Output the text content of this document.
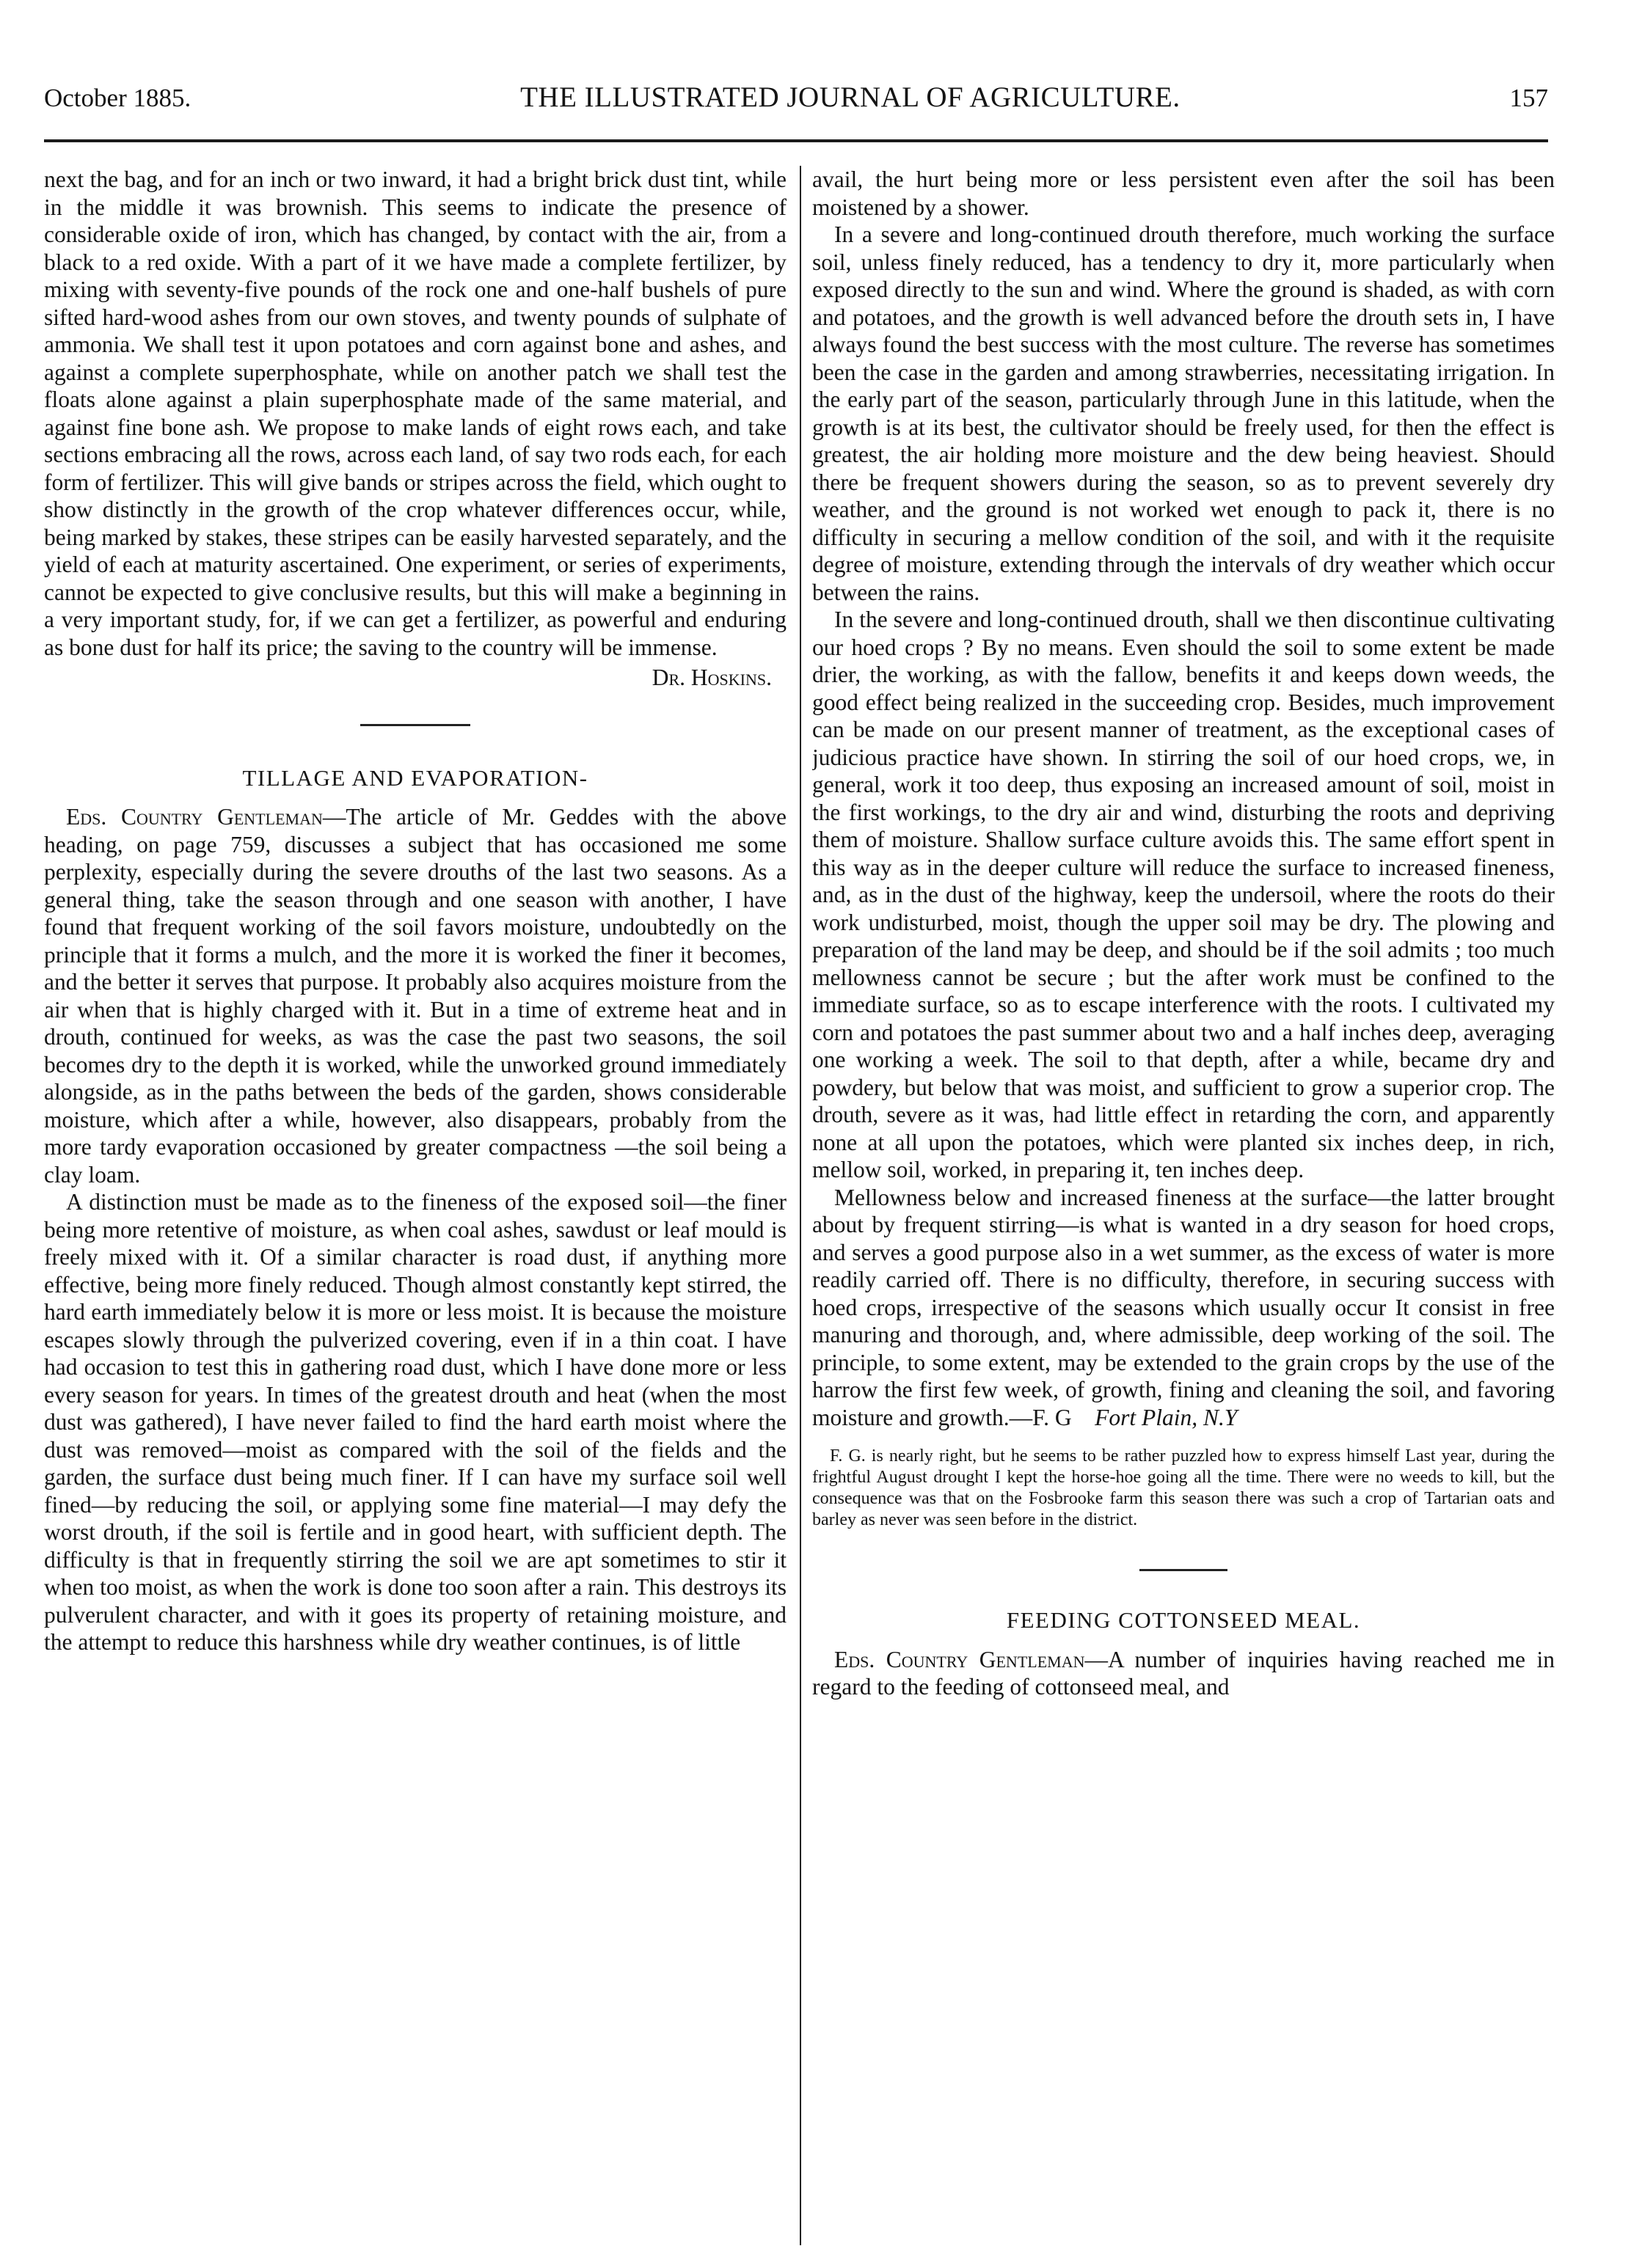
October 1885.	THE ILLUSTRATED JOURNAL OF AGRICULTURE.	157

next the bag, and for an inch or two inward, it had a bright brick dust tint, while in the middle it was brownish. This seems to indicate the presence of considerable oxide of iron, which has changed, by contact with the air, from a black to a red oxide. With a part of it we have made a complete fertilizer, by mixing with seventy-five pounds of the rock one and one-half bushels of pure sifted hard-wood ashes from our own stoves, and twenty pounds of sulphate of ammonia. We shall test it upon potatoes and corn against bone and ashes, and against a complete superphosphate, while on another patch we shall test the floats alone against a plain superphosphate made of the same material, and against fine bone ash. We propose to make lands of eight rows each, and take sections embracing all the rows, across each land, of say two rods each, for each form of fertilizer. This will give bands or stripes across the field, which ought to show distinctly in the growth of the crop whatever differences occur, while, being marked by stakes, these stripes can be easily harvested separately, and the yield of each at maturity ascertained. One experiment, or series of experiments, cannot be expected to give conclusive results, but this will make a beginning in a very important study, for, if we can get a fertilizer, as powerful and enduring as bone dust for half its price; the saving to the country will be immense.

Dr. Hoskins.

TILLAGE AND EVAPORATION-

Eds. Country Gentleman—The article of Mr. Geddes with the above heading, on page 759, discusses a subject that has occasioned me some perplexity, especially during the severe drouths of the last two seasons. As a general thing, take the season through and one season with another, I have found that frequent working of the soil favors moisture, undoubtedly on the principle that it forms a mulch, and the more it is worked the finer it becomes, and the better it serves that purpose. It probably also acquires moisture from the air when that is highly charged with it. But in a time of extreme heat and in drouth, continued for weeks, as was the case the past two seasons, the soil becomes dry to the depth it is worked, while the unworked ground immediately alongside, as in the paths between the beds of the garden, shows considerable moisture, which after a while, however, also disappears, probably from the more tardy evaporation occasioned by greater compactness —the soil being a clay loam.

A distinction must be made as to the fineness of the exposed soil—the finer being more retentive of moisture, as when coal ashes, sawdust or leaf mould is freely mixed with it. Of a similar character is road dust, if anything more effective, being more finely reduced. Though almost constantly kept stirred, the hard earth immediately below it is more or less moist. It is because the moisture escapes slowly through the pulverized covering, even if in a thin coat. I have had occasion to test this in gathering road dust, which I have done more or less every season for years. In times of the greatest drouth and heat (when the most dust was gathered), I have never failed to find the hard earth moist where the dust was removed—moist as compared with the soil of the fields and the garden, the surface dust being much finer. If I can have my surface soil well fined—by reducing the soil, or applying some fine material—I may defy the worst drouth, if the soil is fertile and in good heart, with sufficient depth. The difficulty is that in frequently stirring the soil we are apt sometimes to stir it when too moist, as when the work is done too soon after a rain. This destroys its pulverulent character, and with it goes its property of retaining moisture, and the attempt to reduce this harshness while dry weather continues, is of little

avail, the hurt being more or less persistent even after the soil has been moistened by a shower.

In a severe and long-continued drouth therefore, much working the surface soil, unless finely reduced, has a tendency to dry it, more particularly when exposed directly to the sun and wind. Where the ground is shaded, as with corn and potatoes, and the growth is well advanced before the drouth sets in, I have always found the best success with the most culture. The reverse has sometimes been the case in the garden and among strawberries, necessitating irrigation. In the early part of the season, particularly through June in this latitude, when the growth is at its best, the cultivator should be freely used, for then the effect is greatest, the air holding more moisture and the dew being heaviest. Should there be frequent showers during the season, so as to prevent severely dry weather, and the ground is not worked wet enough to pack it, there is no difficulty in securing a mellow condition of the soil, and with it the requisite degree of moisture, extending through the intervals of dry weather which occur between the rains.

In the severe and long-continued drouth, shall we then discontinue cultivating our hoed crops ? By no means. Even should the soil to some extent be made drier, the working, as with the fallow, benefits it and keeps down weeds, the good effect being realized in the succeeding crop. Besides, much improvement can be made on our present manner of treatment, as the exceptional cases of judicious practice have shown. In stirring the soil of our hoed crops, we, in general, work it too deep, thus exposing an increased amount of soil, moist in the first workings, to the dry air and wind, disturbing the roots and depriving them of moisture. Shallow surface culture avoids this. The same effort spent in this way as in the deeper culture will reduce the surface to increased fineness, and, as in the dust of the highway, keep the undersoil, where the roots do their work undisturbed, moist, though the upper soil may be dry. The plowing and preparation of the land may be deep, and should be if the soil admits ; too much mellowness cannot be secure ; but the after work must be confined to the immediate surface, so as to escape interference with the roots. I cultivated my corn and potatoes the past summer about two and a half inches deep, averaging one working a week. The soil to that depth, after a while, became dry and powdery, but below that was moist, and sufficient to grow a superior crop. The drouth, severe as it was, had little effect in retarding the corn, and apparently none at all upon the potatoes, which were planted six inches deep, in rich, mellow soil, worked, in preparing it, ten inches deep.

Mellowness below and increased fineness at the surface—the latter brought about by frequent stirring—is what is wanted in a dry season for hoed crops, and serves a good purpose also in a wet summer, as the excess of water is more readily carried off. There is no difficulty, therefore, in securing success with hoed crops, irrespective of the seasons which usually occur It consist in free manuring and thorough, and, where admissible, deep working of the soil. The principle, to some extent, may be extended to the grain crops by the use of the harrow the first few week, of growth, fining and cleaning the soil, and favoring moisture and growth.—F. G Fort Plain, N.Y

F. G. is nearly right, but he seems to be rather puzzled how to express himself Last year, during the frightful August drought I kept the horse-hoe going all the time. There were no weeds to kill, but the consequence was that on the Fosbrooke farm this season there was such a crop of Tartarian oats and barley as never was seen before in the district.

FEEDING COTTONSEED MEAL.

Eds. Country Gentleman—A number of inquiries having reached me in regard to the feeding of cottonseed meal, and
